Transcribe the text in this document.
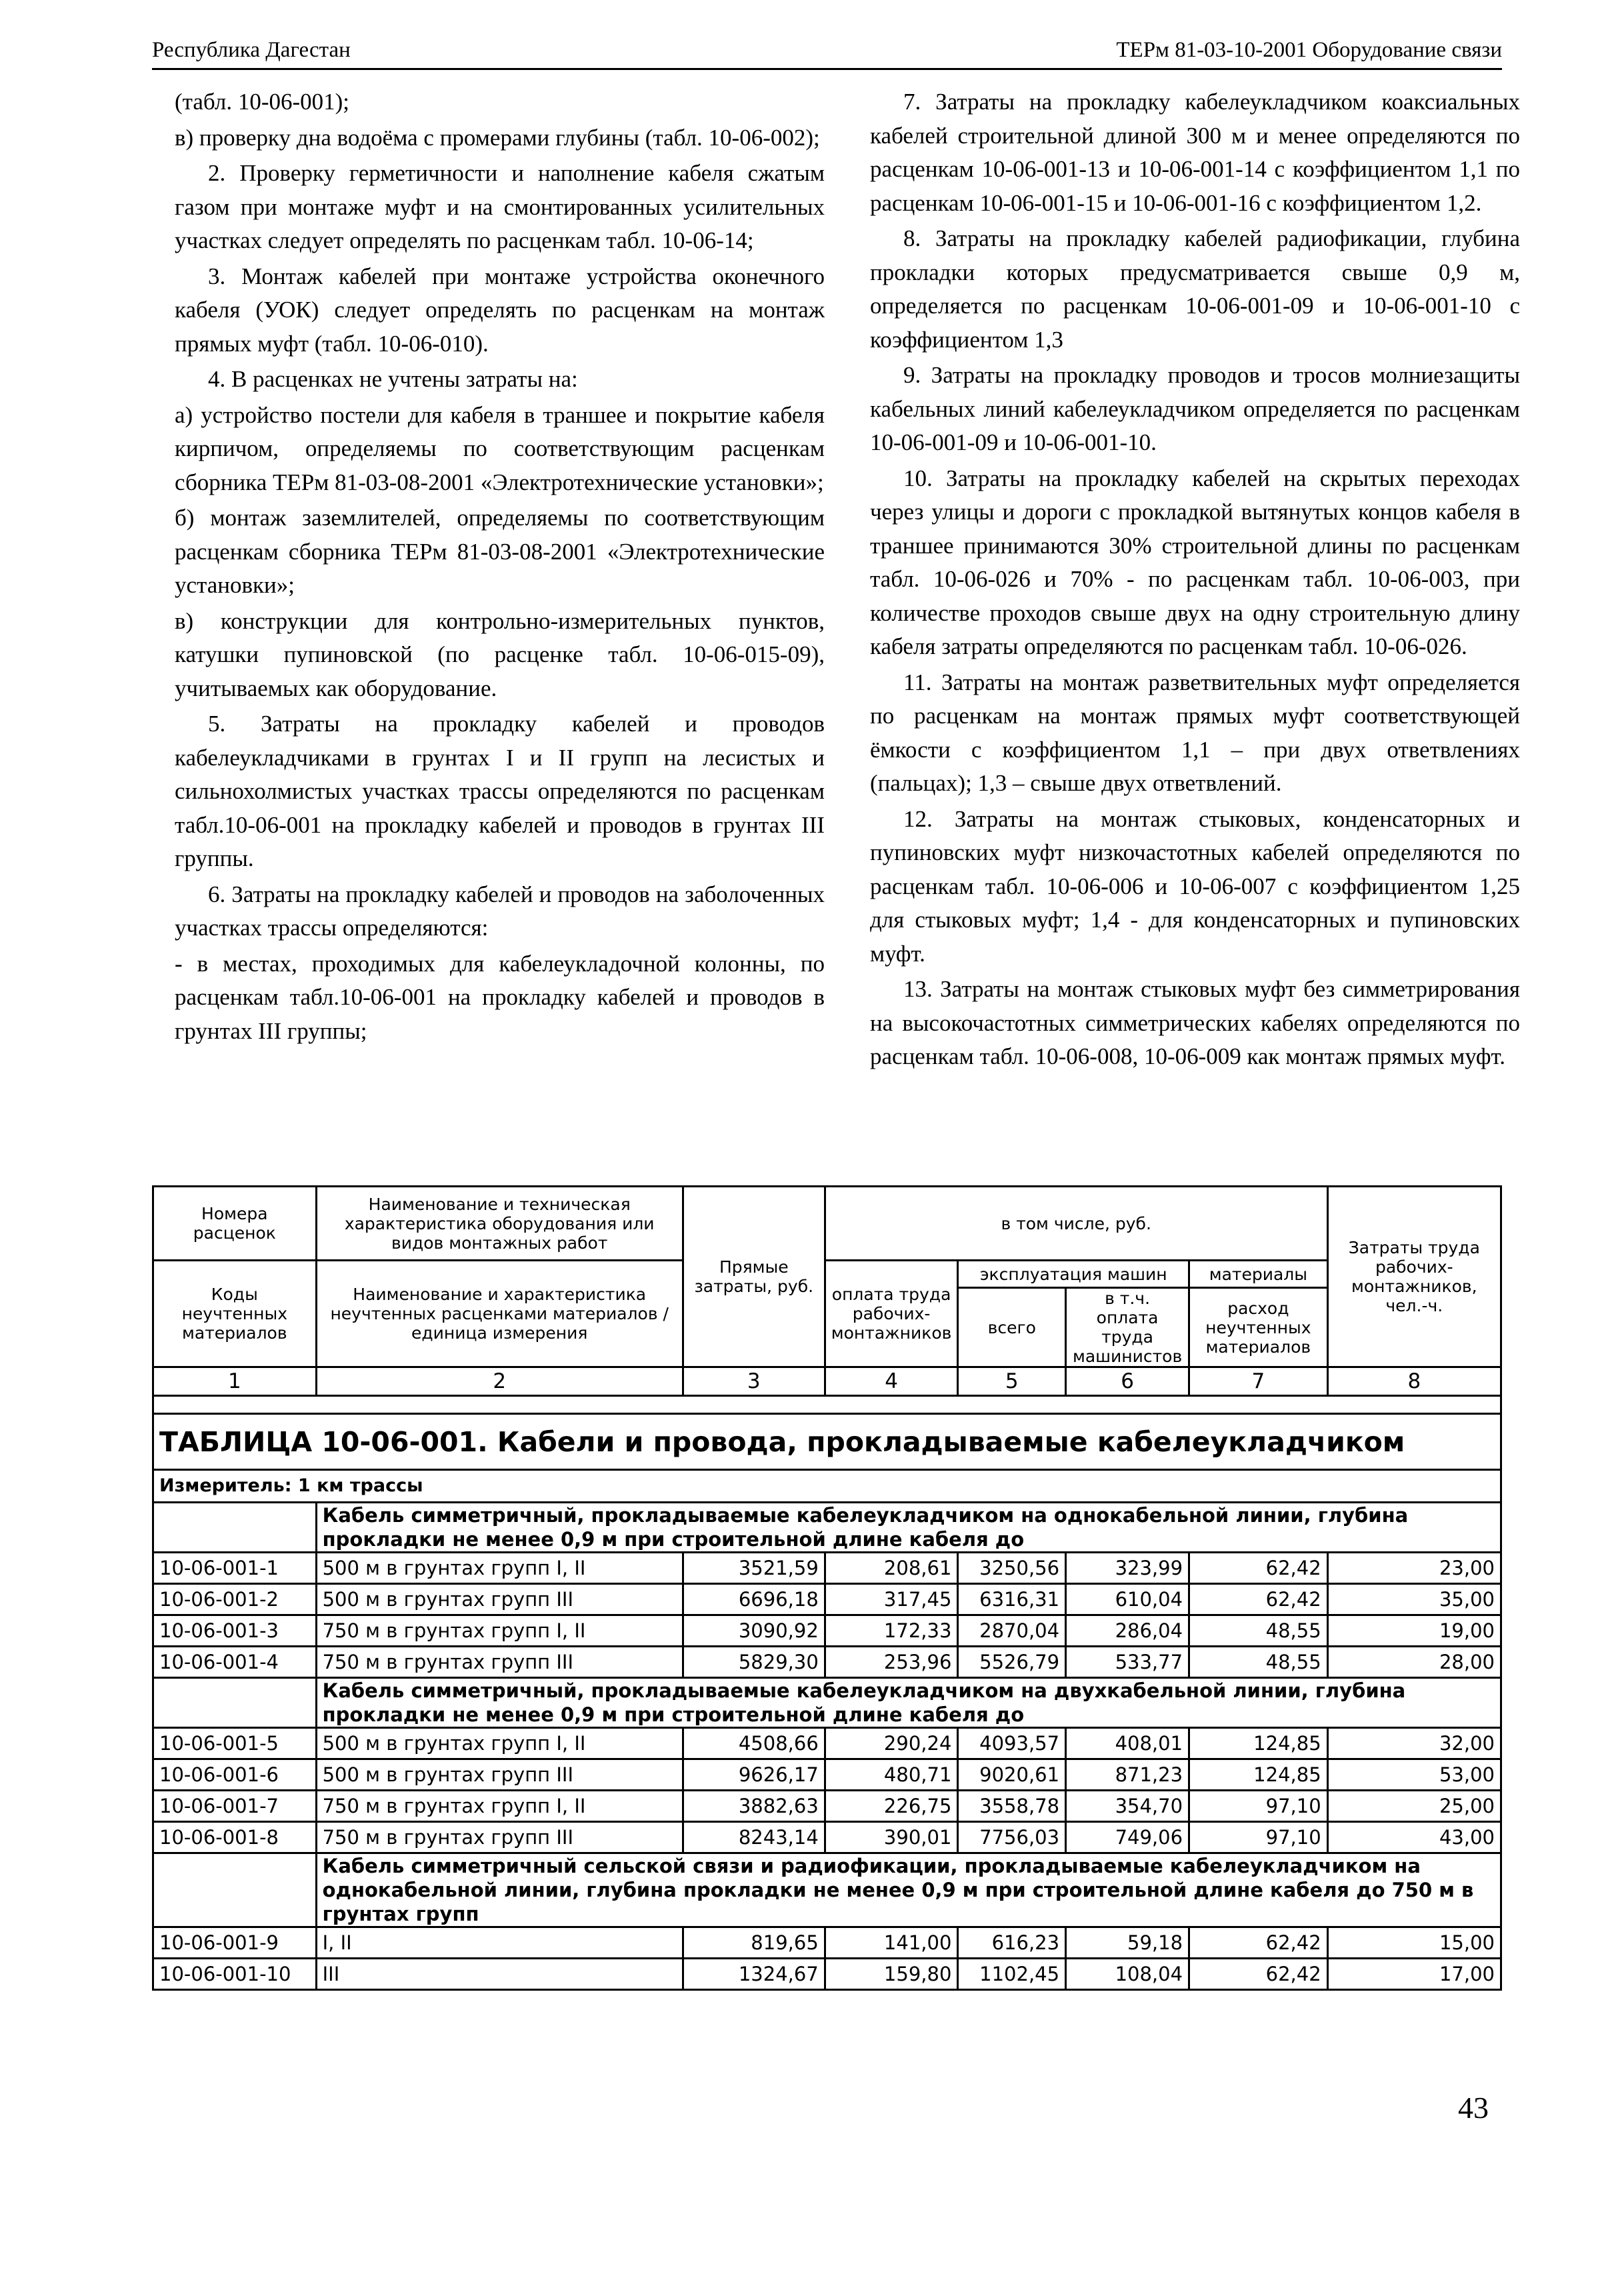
Республика Дагестан	ТЕРм 81-03-10-2001 Оборудование связи

(табл. 10-06-001);

в) проверку дна водоёма с промерами глубины (табл. 10-06-002);

2. Проверку герметичности и наполнение кабеля сжатым газом при монтаже муфт и на смонтированных усилительных участках следует определять по расценкам табл. 10-06-14;

3. Монтаж кабелей при монтаже устройства оконечного кабеля (УОК) следует определять по расценкам на монтаж прямых муфт (табл. 10-06-010).

4. В расценках не учтены затраты на:

а) устройство постели для кабеля в траншее и покрытие кабеля кирпичом, определяемы по соответствующим расценкам сборника ТЕРм 81-03-08-2001 «Электротехнические установки»;

б) монтаж заземлителей, определяемы по соответствующим расценкам сборника ТЕРм 81-03-08-2001 «Электротехнические установки»;

в) конструкции для контрольно-измерительных пунктов, катушки пупиновской (по расценке табл. 10-06-015-09), учитываемых как оборудование.

5. Затраты на прокладку кабелей и проводов кабелеукладчиками в грунтах I и II групп на лесистых и сильнохолмистых участках трассы определяются по расценкам табл.10-06-001 на прокладку кабелей и проводов в грунтах III группы.

6. Затраты на прокладку кабелей и проводов на заболоченных участках трассы определяются:

- в местах, проходимых для кабелеукладочной колонны, по расценкам табл.10-06-001 на прокладку кабелей и проводов в грунтах III группы;

7. Затраты на прокладку кабелеукладчиком коаксиальных кабелей строительной длиной 300 м и менее определяются по расценкам 10-06-001-13 и 10-06-001-14 с коэффициентом 1,1 по расценкам 10-06-001-15 и 10-06-001-16 с коэффициентом 1,2.

8. Затраты на прокладку кабелей радиофикации, глубина прокладки которых предусматривается свыше 0,9 м, определяется по расценкам 10-06-001-09 и 10-06-001-10 с коэффициентом 1,3

9. Затраты на прокладку проводов и тросов молниезащиты кабельных линий кабелеукладчиком определяется по расценкам 10-06-001-09 и 10-06-001-10.

10. Затраты на прокладку кабелей на скрытых переходах через улицы и дороги с прокладкой вытянутых концов кабеля в траншее принимаются 30% строительной длины по расценкам табл. 10-06-026 и 70% - по расценкам табл. 10-06-003, при количестве проходов свыше двух на одну строительную длину кабеля затраты определяются по расценкам табл. 10-06-026.

11. Затраты на монтаж разветвительных муфт определяется по расценкам на монтаж прямых муфт соответствующей ёмкости с коэффициентом 1,1 – при двух ответвлениях (пальцах); 1,3 – свыше двух ответвлений.

12. Затраты на монтаж стыковых, конденсаторных и пупиновских муфт низкочастотных кабелей определяются по расценкам табл. 10-06-006 и 10-06-007 с коэффициентом 1,25 для стыковых муфт; 1,4 - для конденсаторных и пупиновских муфт.

13. Затраты на монтаж стыковых муфт без симметрирования на высокочастотных симметрических кабелях определяются по расценкам табл. 10-06-008, 10-06-009 как монтаж прямых муфт.

Номера расценок	Наименование и техническая характеристика оборудования или видов монтажных работ	Прямые затраты, руб.	в том числе, руб.				Затраты труда рабочих-монтажников, чел.-ч.
Коды неучтенных материалов	Наименование и характеристика неучтенных расценками материалов / единица измерения		оплата труда рабочих-монтажников	эксплуатация машин		материалы	
				всего	в т.ч. оплата труда машинистов	расход неучтенных материалов	
1	2	3	4	5	6	7	8

ТАБЛИЦА 10-06-001. Кабели и провода, прокладываемые кабелеукладчиком							
Измеритель: 1 км трассы							
	Кабель симметричный, прокладываемые кабелеукладчиком на однокабельной линии, глубина прокладки не менее 0,9 м при строительной длине кабеля до						
10-06-001-1	500 м в грунтах групп I, II	3521,59	208,61	3250,56	323,99	62,42	23,00
10-06-001-2	500 м в грунтах групп III	6696,18	317,45	6316,31	610,04	62,42	35,00
10-06-001-3	750 м в грунтах групп I, II	3090,92	172,33	2870,04	286,04	48,55	19,00
10-06-001-4	750 м в грунтах групп III	5829,30	253,96	5526,79	533,77	48,55	28,00
	Кабель симметричный, прокладываемые кабелеукладчиком на двухкабельной линии, глубина прокладки не менее 0,9 м при строительной длине кабеля до						
10-06-001-5	500 м в грунтах групп I, II	4508,66	290,24	4093,57	408,01	124,85	32,00
10-06-001-6	500 м в грунтах групп III	9626,17	480,71	9020,61	871,23	124,85	53,00
10-06-001-7	750 м в грунтах групп I, II	3882,63	226,75	3558,78	354,70	97,10	25,00
10-06-001-8	750 м в грунтах групп III	8243,14	390,01	7756,03	749,06	97,10	43,00
	Кабель симметричный сельской связи и радиофикации, прокладываемые кабелеукладчиком на однокабельной линии, глубина прокладки не менее 0,9 м при строительной длине кабеля до 750 м в грунтах групп						
10-06-001-9	I, II	819,65	141,00	616,23	59,18	62,42	15,00
10-06-001-10	III	1324,67	159,80	1102,45	108,04	62,42	17,00
43
